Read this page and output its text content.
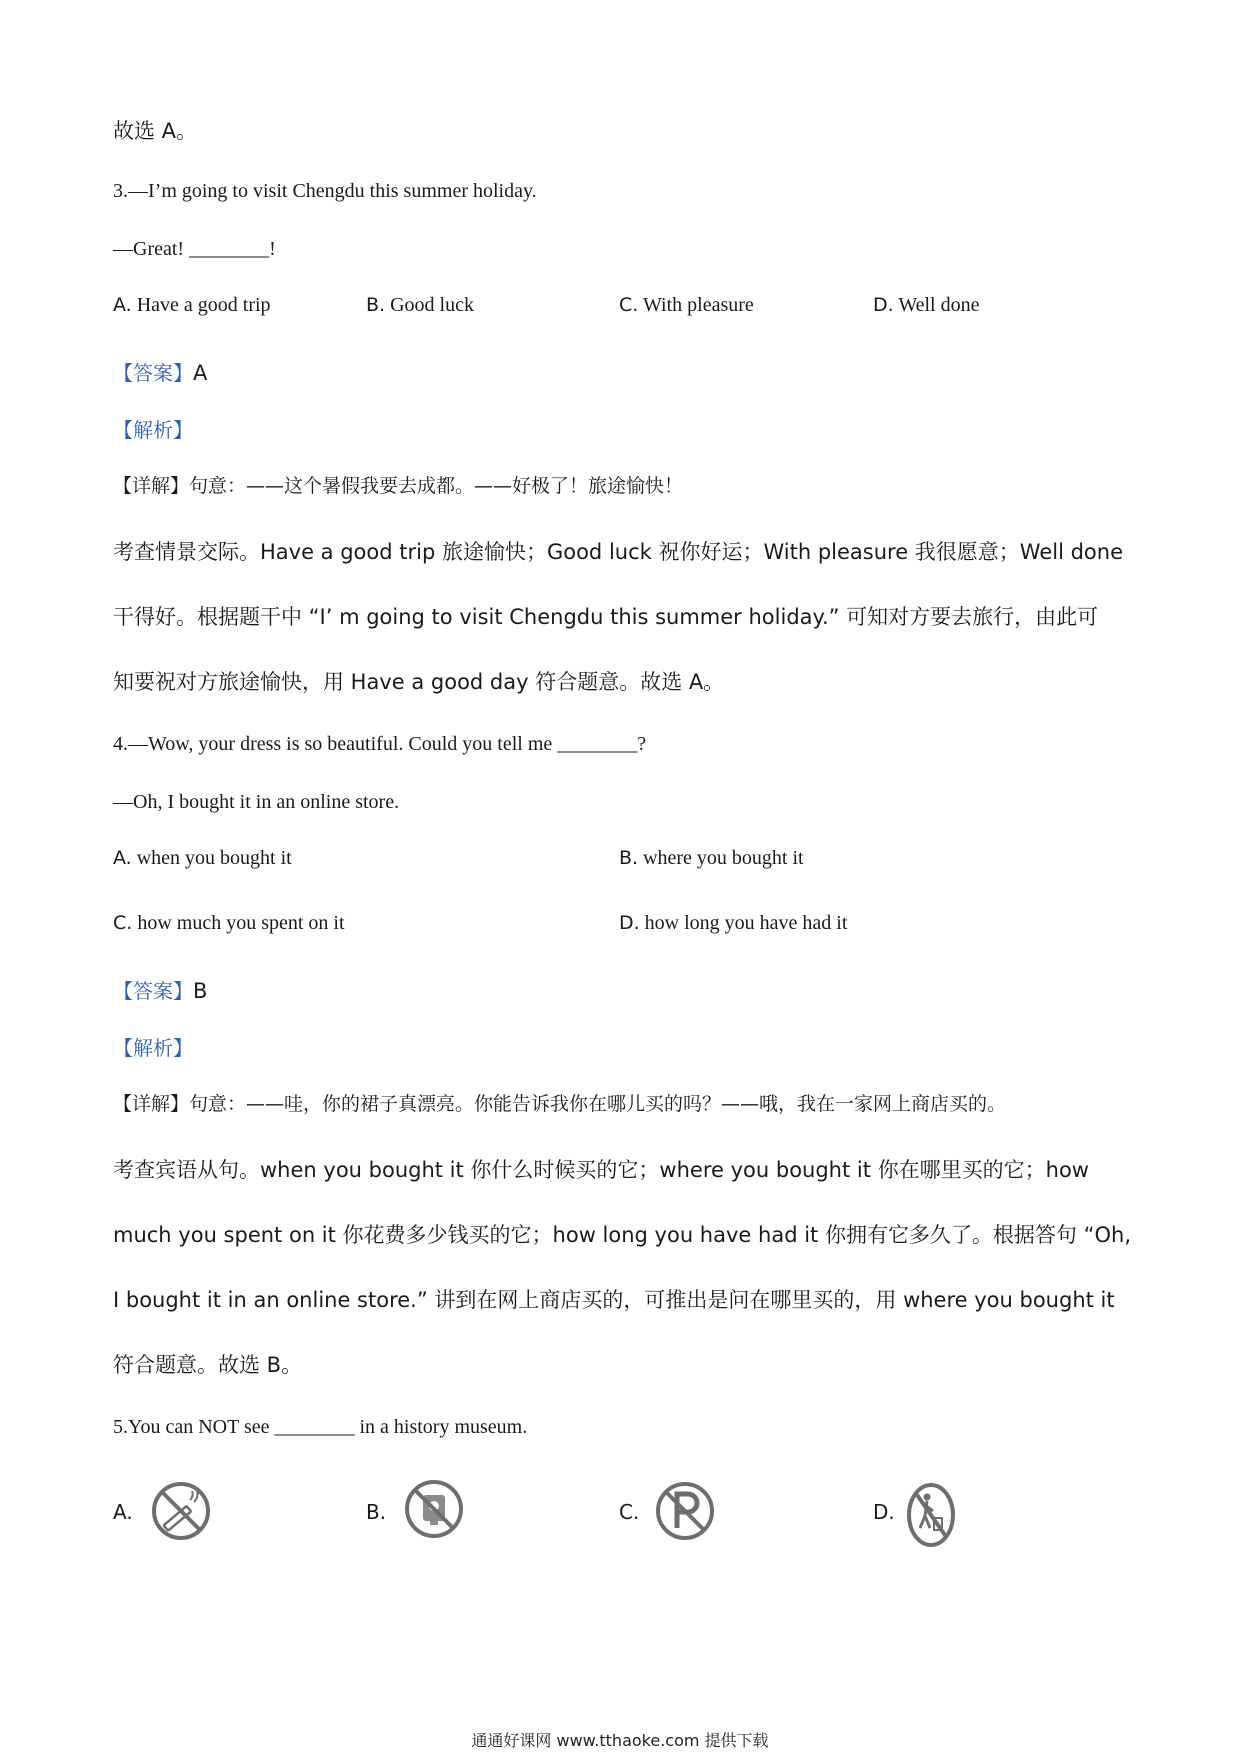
故选 A。
3.—I’m going to visit Chengdu this summer holiday.
—Great! ________!
A. Have a good trip	B. Good luck	C. With pleasure	D. Well done
【答案】A
【解析】
【详解】句意：——这个暑假我要去成都。——好极了！旅途愉快！
考查情景交际。Have a good trip 旅途愉快；Good luck 祝你好运；With pleasure 我很愿意；Well done
干得好。根据题干中 “I’ m going to visit Chengdu this summer holiday.” 可知对方要去旅行，由此可
知要祝对方旅途愉快，用 Have a good day 符合题意。故选 A。
4.—Wow, your dress is so beautiful. Could you tell me ________?
—Oh, I bought it in an online store.
A. when you bought it	B. where you bought it
C. how much you spent on it	D. how long you have had it
【答案】B
【解析】
【详解】句意：——哇，你的裙子真漂亮。你能告诉我你在哪儿买的吗？——哦，我在一家网上商店买的。
考查宾语从句。when you bought it 你什么时候买的它；where you bought it 你在哪里买的它；how
much you spent on it 你花费多少钱买的它；how long you have had it 你拥有它多久了。根据答句 “Oh,
I bought it in an online store.” 讲到在网上商店买的，可推出是问在哪里买的，用 where you bought it
符合题意。故选 B。
5.You can NOT see ________ in a history museum.
A.	B.	C.	D.
通通好课网 www.tthaoke.com 提供下载
